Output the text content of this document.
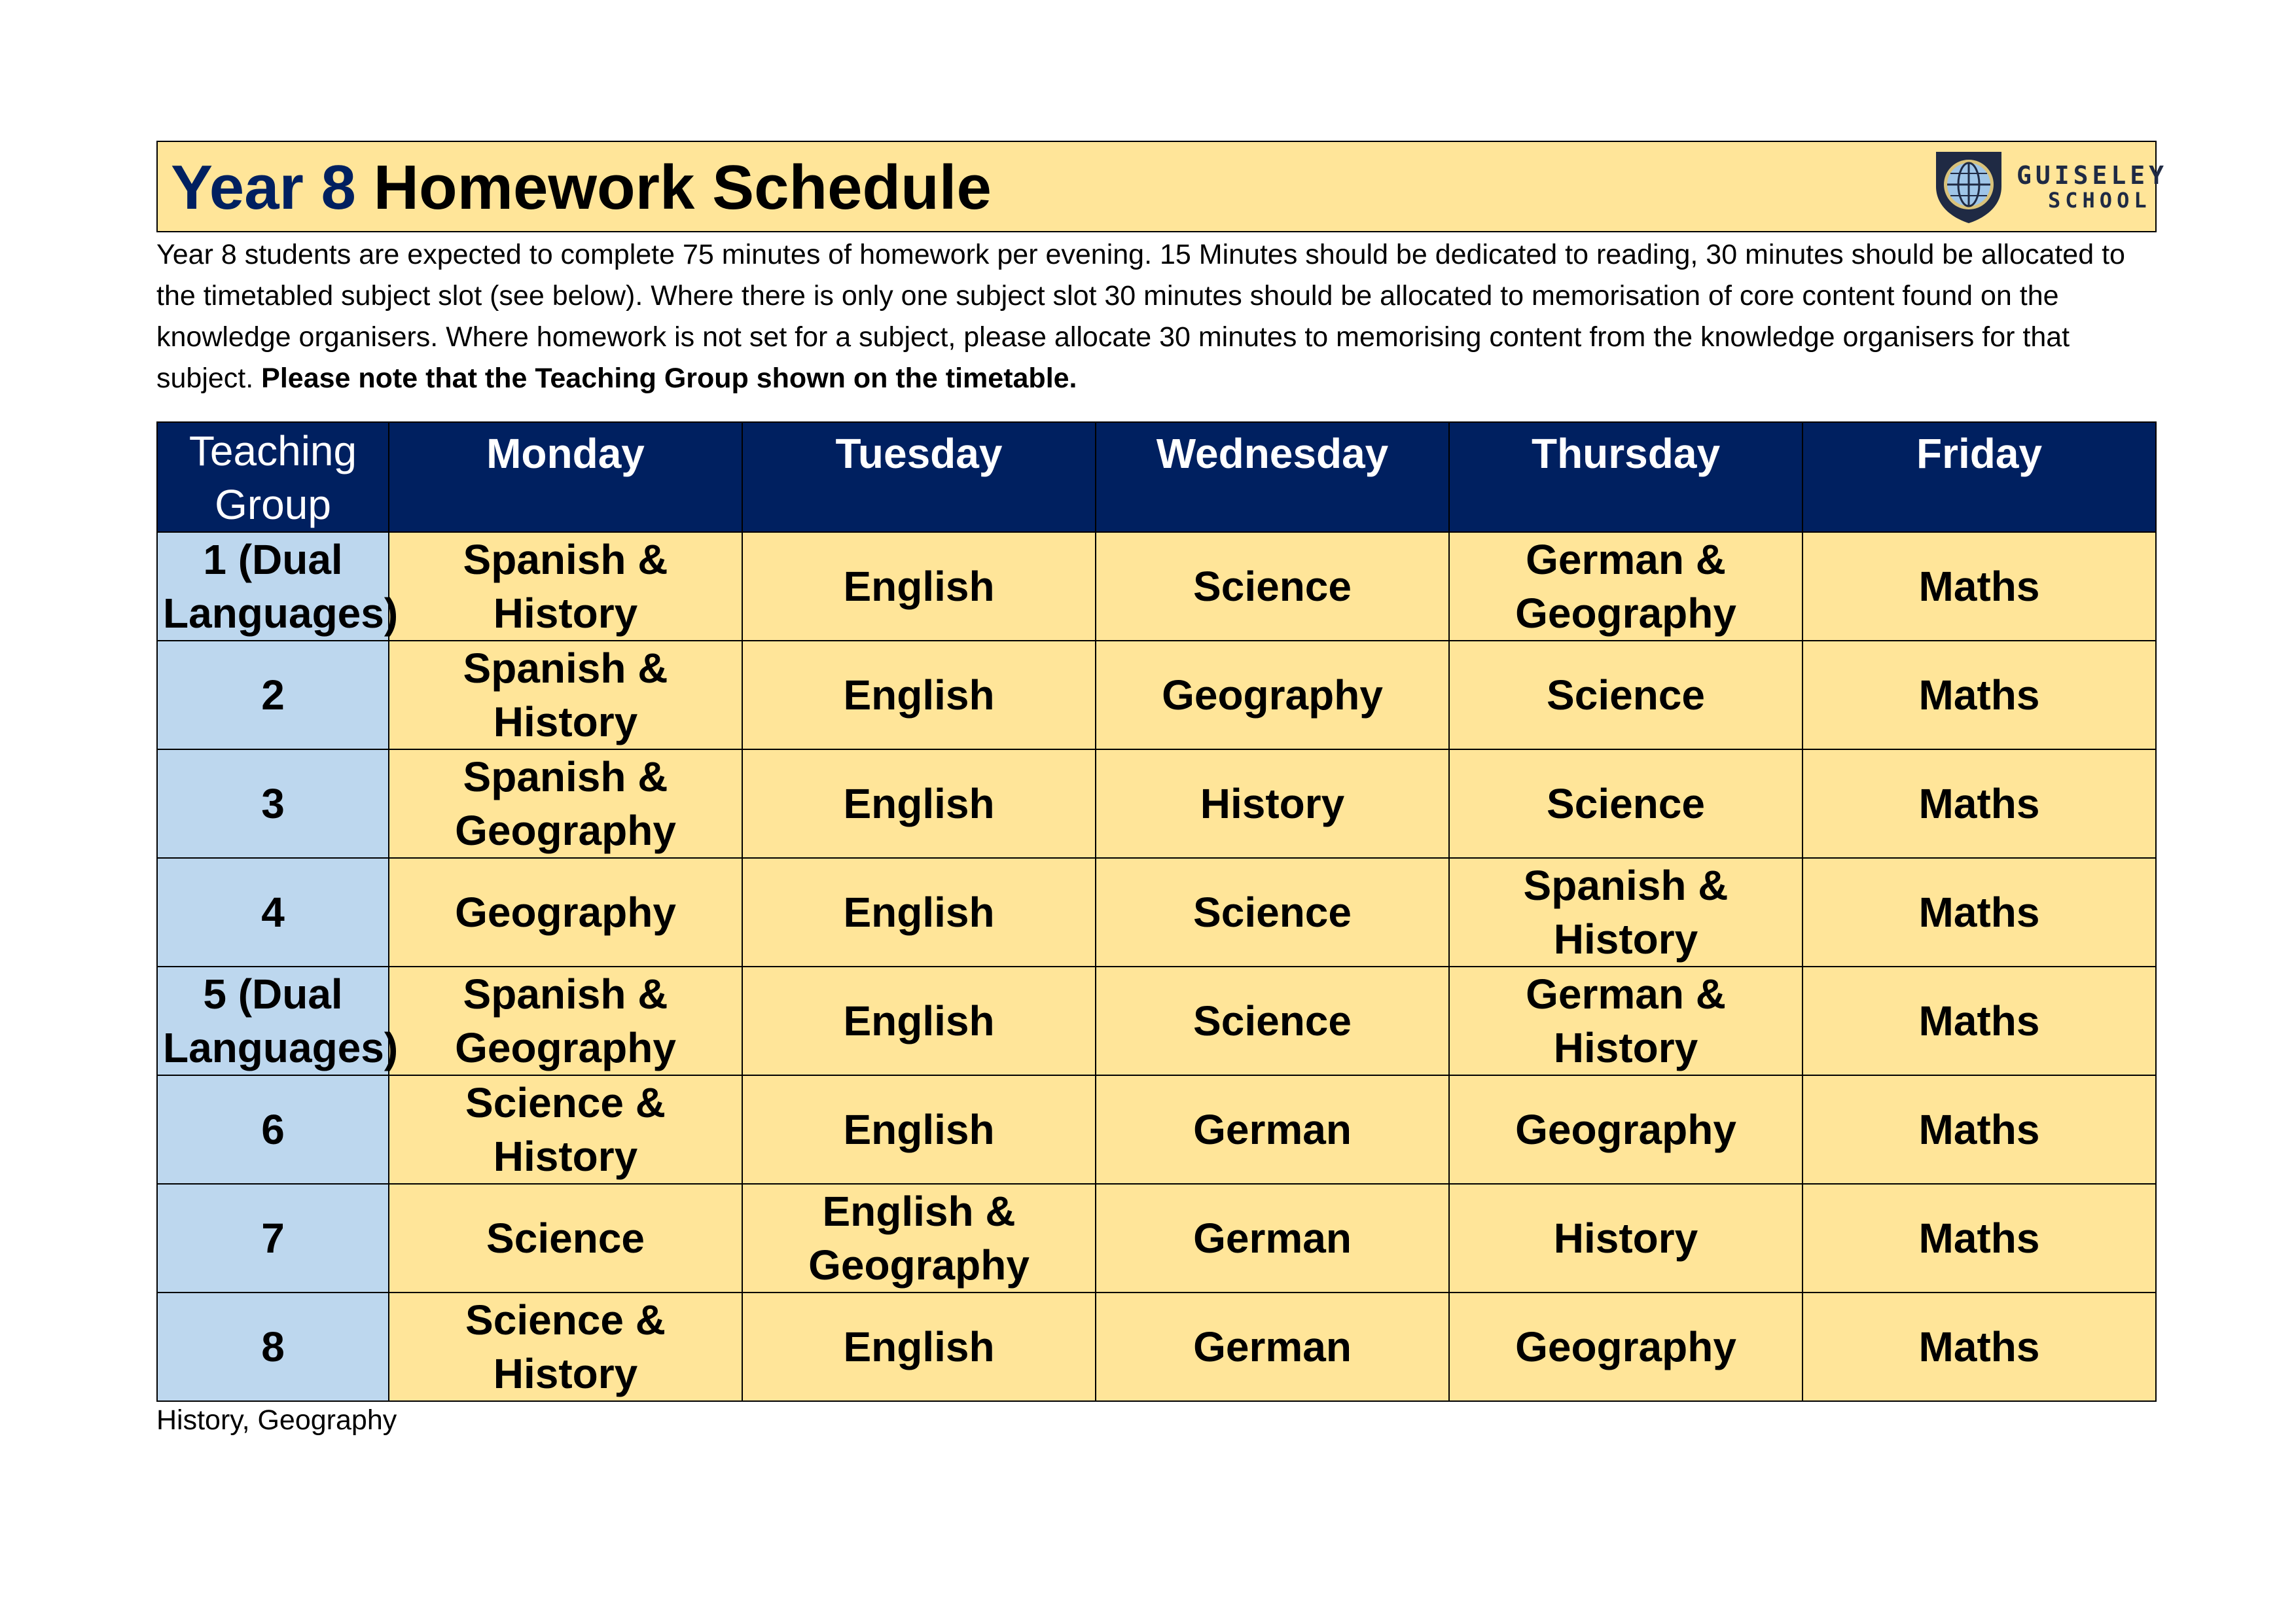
Year 8 Homework Schedule	GUISELEY
SCHOOL

Year 8 students are expected to complete 75 minutes of homework per evening. 15 Minutes should be dedicated to reading, 30 minutes should be allocated to the timetabled subject slot (see below). Where there is only one subject slot 30 minutes should be allocated to memorisation of core content found on the knowledge organisers. Where homework is not set for a subject, please allocate 30 minutes to memorising content from the knowledge organisers for that subject. Please note that the Teaching Group shown on the timetable.

Teaching Group	Monday	Tuesday	Wednesday	Thursday	Friday
1 (Dual Languages)	Spanish & History	English	Science	German & Geography	Maths
2	Spanish & History	English	Geography	Science	Maths
3	Spanish & Geography	English	History	Science	Maths
4	Geography	English	Science	Spanish & History	Maths
5 (Dual Languages)	Spanish & Geography	English	Science	German & History	Maths
6	Science & History	English	German	Geography	Maths
7	Science	English & Geography	German	History	Maths
8	Science & History	English	German	Geography	Maths

History, Geography
